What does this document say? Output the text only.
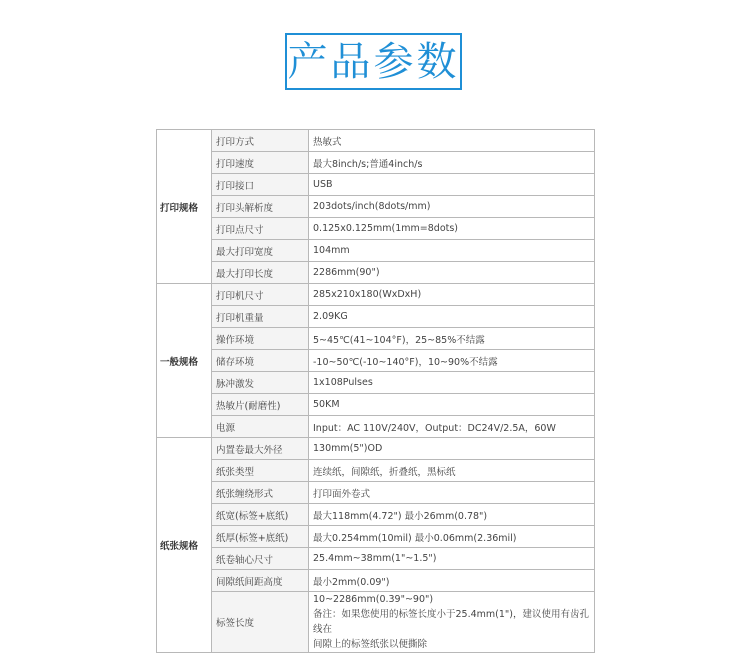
产品参数
打印规格	打印方式	热敏式
	打印速度	最大8inch/s;普通4inch/s
	打印接口	USB
	打印头解析度	203dots/inch(8dots/mm)
	打印点尺寸	0.125x0.125mm(1mm=8dots)
	最大打印宽度	104mm
	最大打印长度	2286mm(90")
一般规格	打印机尺寸	285x210x180(WxDxH)
	打印机重量	2.09KG
	操作环境	5~45℃(41~104°F)，25~85%不结露
	储存环境	-10~50℃(-10~140°F)，10~90%不结露
	脉冲激发	1x108Pulses
	热敏片(耐磨性)	50KM
	电源	Input：AC 110V/240V，Output：DC24V/2.5A，60W
纸张规格	内置卷最大外径	130mm(5")OD
	纸张类型	连续纸，间隙纸，折叠纸，黑标纸
	纸张缠绕形式	打印面外卷式
	纸宽(标签+底纸)	最大118mm(4.72") 最小26mm(0.78")
	纸厚(标签+底纸)	最大0.254mm(10mil) 最小0.06mm(2.36mil)
	纸卷轴心尺寸	25.4mm~38mm(1"~1.5")
	间隙纸间距高度	最小2mm(0.09")
	标签长度	10~2286mm(0.39"~90")
备注：如果您使用的标签长度小于25.4mm(1")，建议使用有齿孔线在
间隙上的标签纸张以便撕除
